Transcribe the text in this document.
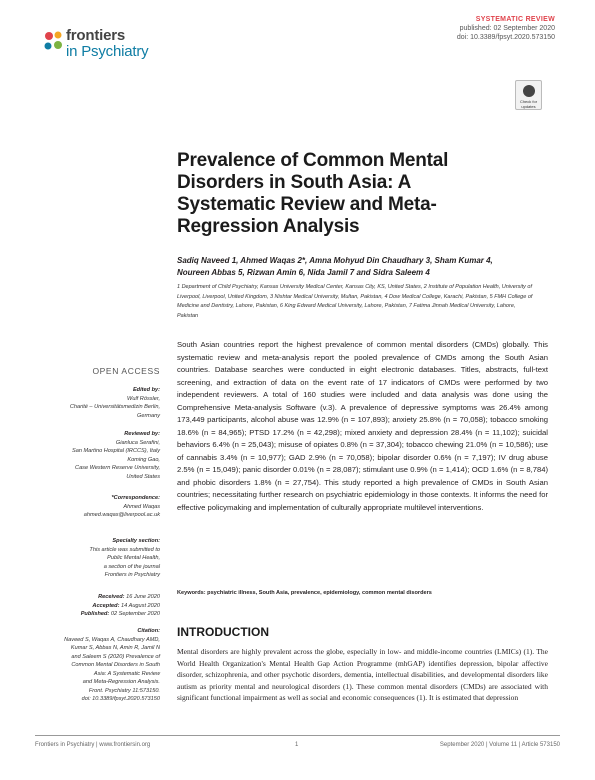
frontiers
in Psychiatry
SYSTEMATIC REVIEW
published: 02 September 2020
doi: 10.3389/fpsyt.2020.573150
Check for updates
Prevalence of Common Mental Disorders in South Asia: A Systematic Review and Meta-Regression Analysis
Sadiq Naveed 1, Ahmed Waqas 2*, Amna Mohyud Din Chaudhary 3, Sham Kumar 4, Noureen Abbas 5, Rizwan Amin 6, Nida Jamil 7 and Sidra Saleem 4
1 Department of Child Psychiatry, Kansas University Medical Center, Kansas City, KS, United States, 2 Institute of Population Health, University of Liverpool, Liverpool, United Kingdom, 3 Nishtar Medical University, Multan, Pakistan, 4 Dow Medical College, Karachi, Pakistan, 5 FMH College of Medicine and Dentistry, Lahore, Pakistan, 6 King Edward Medical University, Lahore, Pakistan, 7 Fatima Jinnah Medical University, Lahore, Pakistan
OPEN ACCESS
Edited by:
Wulf Rössler,
Charité – Universitätsmedizin Berlin,
Germany
Reviewed by:
Gianluca Serafini,
San Martino Hospital (IRCCS), Italy
Koming Gao,
Case Western Reserve University,
United States
*Correspondence:
Ahmed Waqas
ahmed.waqas@liverpool.ac.uk
Specialty section:
This article was submitted to
Public Mental Health,
a section of the journal
Frontiers in Psychiatry
Received: 16 June 2020
Accepted: 14 August 2020
Published: 02 September 2020
Citation:
Naveed S, Waqas A, Chaudhary AMD,
Kumar S, Abbas N, Amin R, Jamil N
and Saleem S (2020) Prevalence of
Common Mental Disorders in South
Asia: A Systematic Review
and Meta-Regression Analysis.
Front. Psychiatry 11:573150.
doi: 10.3389/fpsyt.2020.573150
South Asian countries report the highest prevalence of common mental disorders (CMDs) globally. This systematic review and meta-analysis report the pooled prevalence of CMDs among the South Asian countries. Database searches were conducted in eight electronic databases. Titles, abstracts, full-text screening, and extraction of data on the event rate of 17 indicators of CMDs were performed by two independent reviewers. A total of 160 studies were included and data analysis was done using the Comprehensive Meta-analysis Software (v.3). A prevalence of depressive symptoms was 26.4% among 173,449 participants, alcohol abuse was 12.9% (n = 107,893); anxiety 25.8% (n = 70,058); tobacco smoking 18.6% (n = 84,965); PTSD 17.2% (n = 42,298); mixed anxiety and depression 28.4% (n = 11,102); suicidal behaviors 6.4% (n = 25,043); misuse of opiates 0.8% (n = 37,304); tobacco chewing 21.0% (n = 10,586); use of cannabis 3.4% (n = 10,977); GAD 2.9% (n = 70,058); bipolar disorder 0.6% (n = 7,197); IV drug abuse 2.5% (n = 15,049); panic disorder 0.01% (n = 28,087); stimulant use 0.9% (n = 1,414); OCD 1.6% (n = 8,784) and phobic disorders 1.8% (n = 27,754). This study reported a high prevalence of CMDs in South Asian countries; necessitating further research on psychiatric epidemiology in those contexts. It informs the need for effective policymaking and implementation of culturally appropriate multilevel interventions.
Keywords: psychiatric illness, South Asia, prevalence, epidemiology, common mental disorders
INTRODUCTION
Mental disorders are highly prevalent across the globe, especially in low- and middle-income countries (LMICs) (1). The World Health Organization's Mental Health Gap Action Programme (mhGAP) identifies depression, bipolar affective disorder, schizophrenia, and other psychotic disorders, dementia, intellectual disabilities, and developmental disorders like autism as priority mental and neurological disorders (1). These common mental disorders (CMDs) are associated with significant functional impairment as well as social and economic consequences (1). It is estimated that depression
Frontiers in Psychiatry | www.frontiersin.org	1	September 2020 | Volume 11 | Article 573150
